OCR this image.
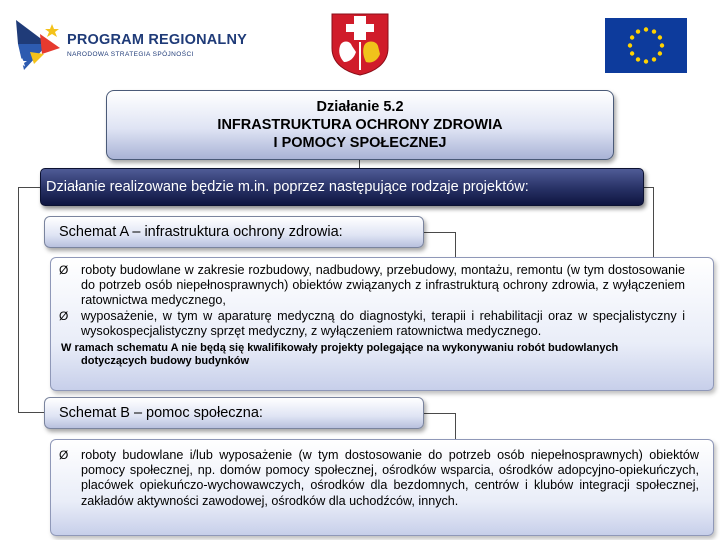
PROGRAM REGIONALNY
NARODOWA STRATEGIA SPÓJNOŚCI
Działanie 5.2
INFRASTRUKTURA OCHRONY ZDROWIA
I POMOCY SPOŁECZNEJ
Działanie realizowane będzie m.in. poprzez następujące rodzaje projektów:
Schemat A – infrastruktura ochrony zdrowia:
Ø	roboty budowlane w zakresie rozbudowy, nadbudowy, przebudowy, montażu, remontu (w tym dostosowanie do potrzeb osób niepełnosprawnych) obiektów związanych z infrastrukturą ochrony zdrowia, z wyłączeniem ratownictwa medycznego,
Ø	wyposażenie, w tym w aparaturę medyczną do diagnostyki, terapii i rehabilitacji oraz w specjalistyczny i wysokospecjalistyczny sprzęt medyczny, z wyłączeniem ratownictwa medycznego.
W ramach schematu A nie będą się kwalifikowały projekty polegające na wykonywaniu robót budowlanych dotyczących budowy budynków
Schemat B – pomoc społeczna:
Ø	roboty budowlane i/lub wyposażenie (w tym dostosowanie do potrzeb osób niepełnosprawnych) obiektów pomocy społecznej, np. domów pomocy społecznej, ośrodków wsparcia, ośrodków adopcyjno-opiekuńczych, placówek opiekuńczo-wychowawczych, ośrodków dla bezdomnych, centrów i klubów integracji społecznej, zakładów aktywności zawodowej, ośrodków dla uchodźców, innych.
